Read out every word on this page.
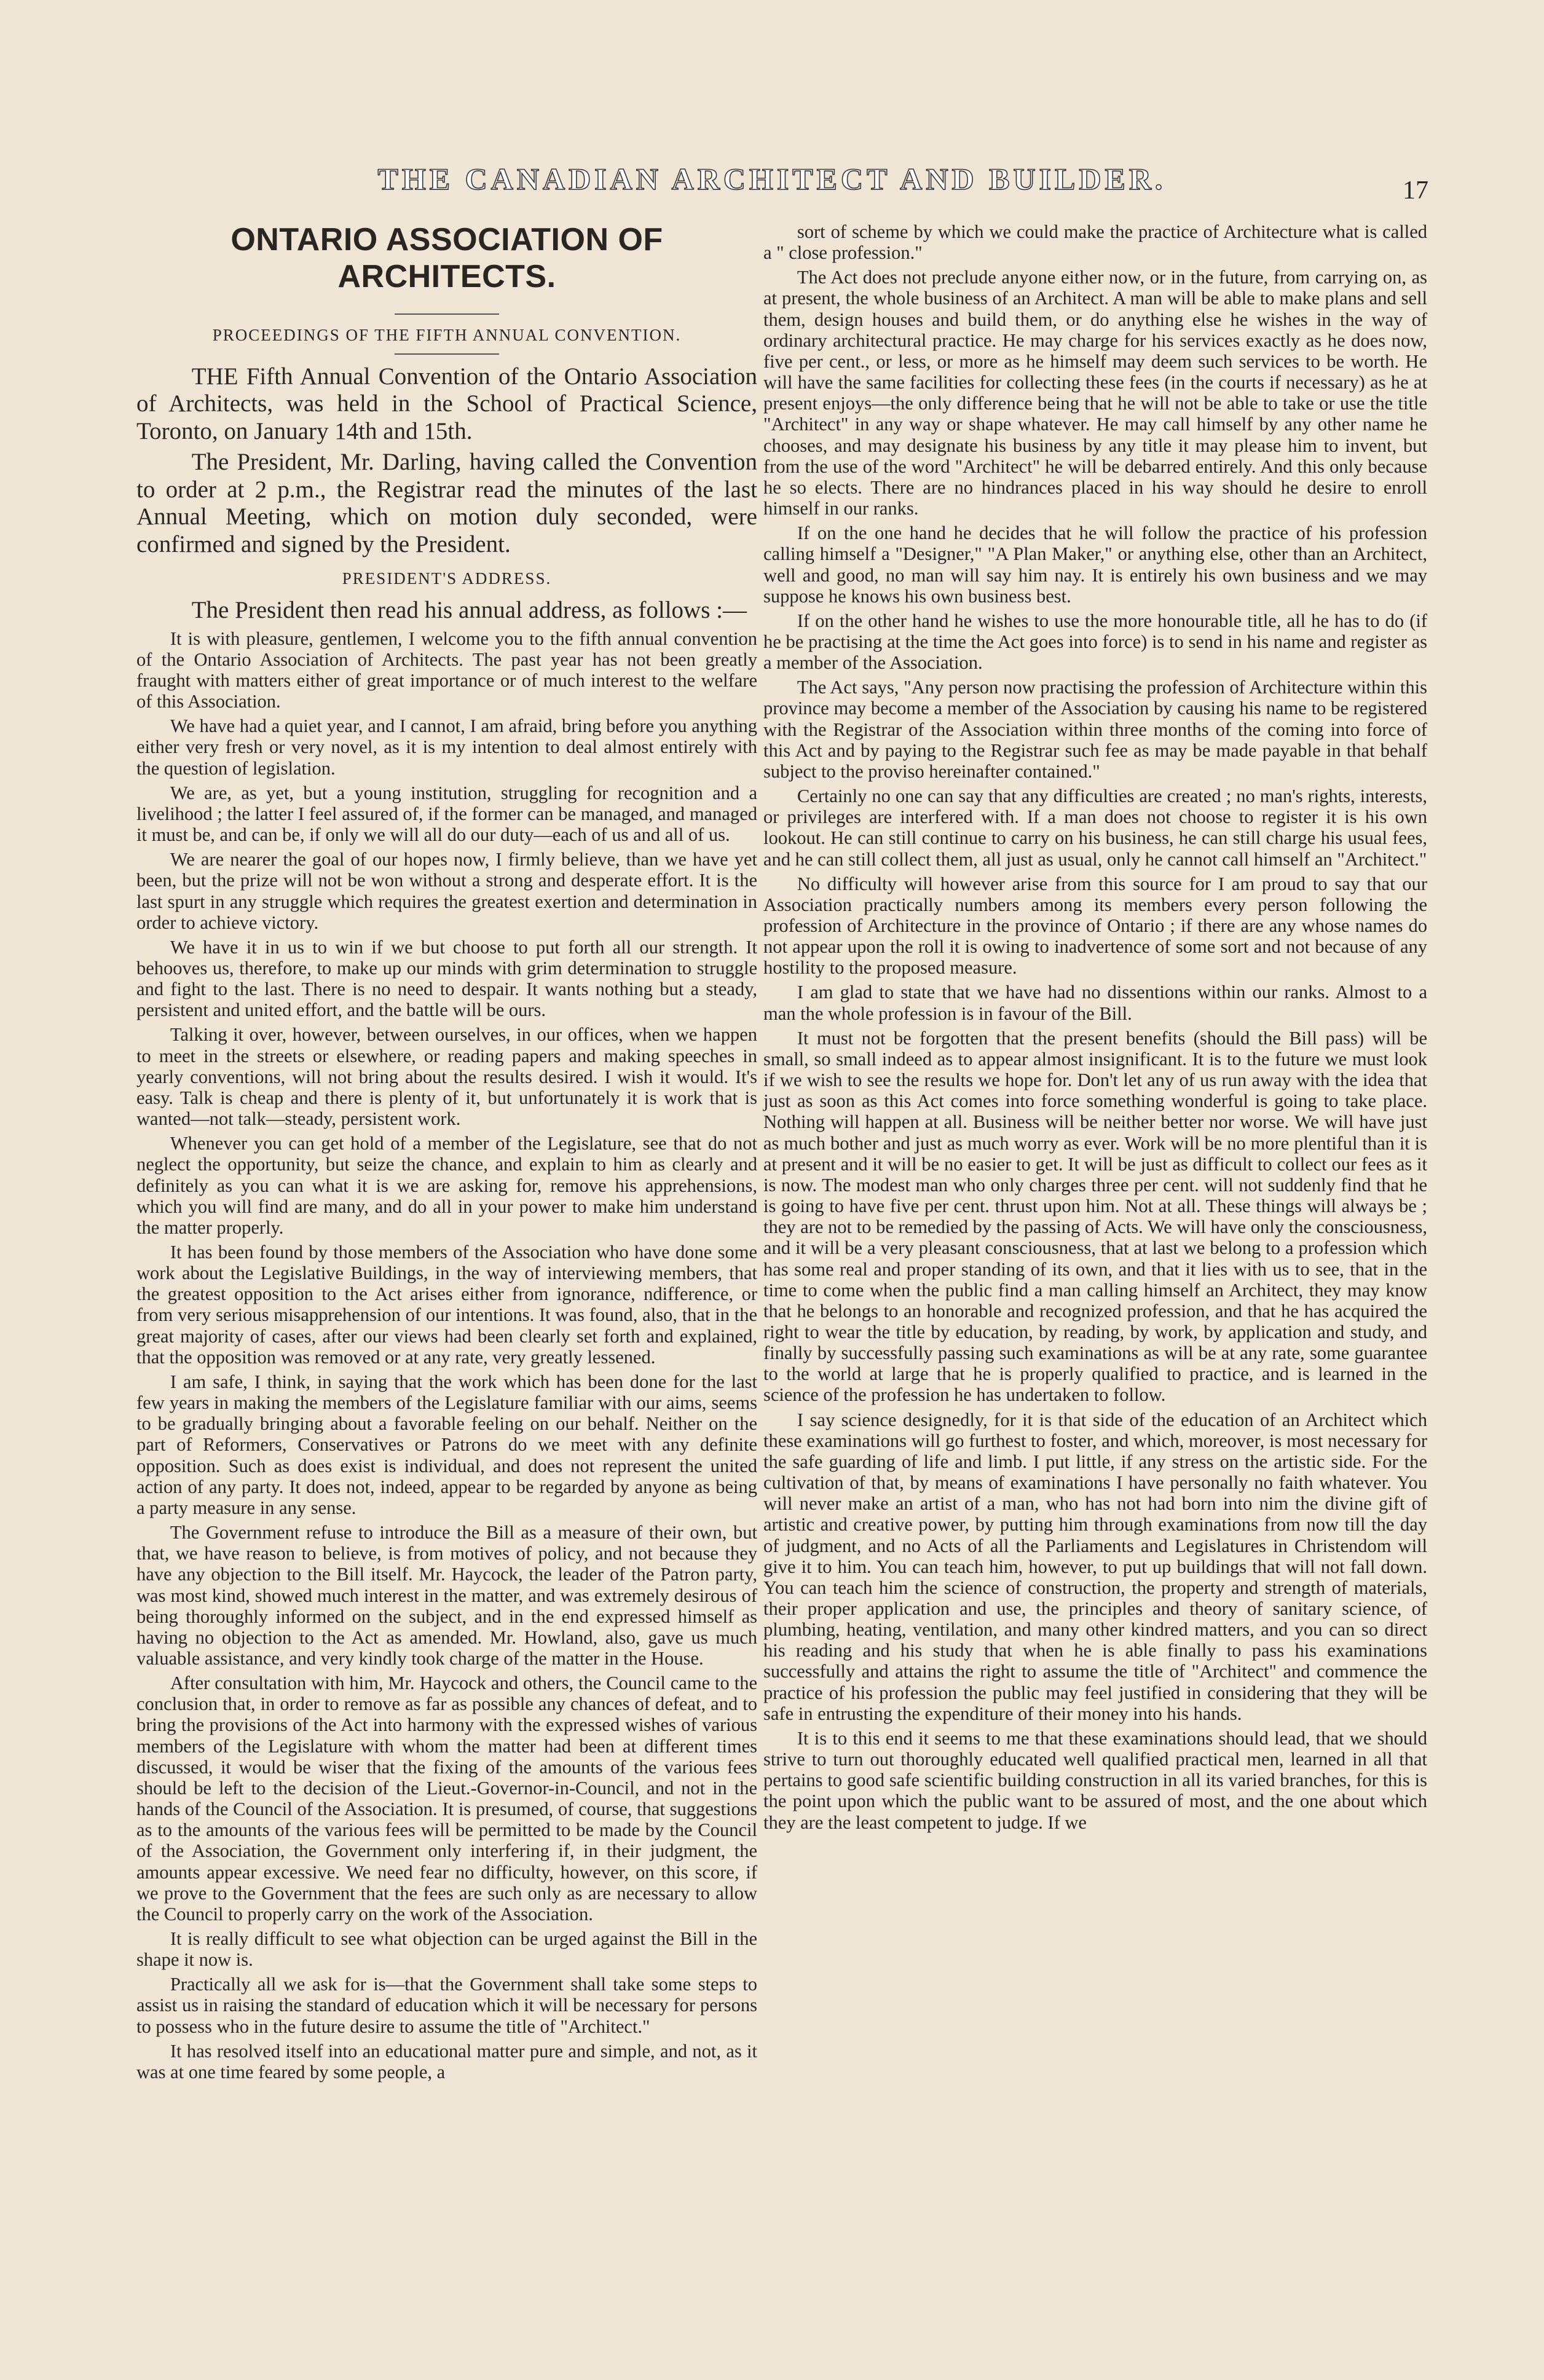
THE CANADIAN ARCHITECT AND BUILDER.	17
ONTARIO ASSOCIATION OF ARCHITECTS.
PROCEEDINGS OF THE FIFTH ANNUAL CONVENTION.

THE Fifth Annual Convention of the Ontario Association of Architects, was held in the School of Practical Science, Toronto, on January 14th and 15th.

The President, Mr. Darling, having called the Convention to order at 2 p.m., the Registrar read the minutes of the last Annual Meeting, which on motion duly seconded, were confirmed and signed by the President.

PRESIDENT'S ADDRESS.

The President then read his annual address, as follows :—

It is with pleasure, gentlemen, I welcome you to the fifth annual convention of the Ontario Association of Architects. The past year has not been greatly fraught with matters either of great importance or of much interest to the welfare of this Association.

We have had a quiet year, and I cannot, I am afraid, bring before you anything either very fresh or very novel, as it is my intention to deal almost entirely with the question of legislation.

We are, as yet, but a young institution, struggling for recognition and a livelihood ; the latter I feel assured of, if the former can be managed, and managed it must be, and can be, if only we will all do our duty—each of us and all of us.

We are nearer the goal of our hopes now, I firmly believe, than we have yet been, but the prize will not be won without a strong and desperate effort. It is the last spurt in any struggle which requires the greatest exertion and determination in order to achieve victory.

We have it in us to win if we but choose to put forth all our strength. It behooves us, therefore, to make up our minds with grim determination to struggle and fight to the last. There is no need to despair. It wants nothing but a steady, persistent and united effort, and the battle will be ours.

Talking it over, however, between ourselves, in our offices, when we happen to meet in the streets or elsewhere, or reading papers and making speeches in yearly conventions, will not bring about the results desired. I wish it would. It's easy. Talk is cheap and there is plenty of it, but unfortunately it is work that is wanted—not talk—steady, persistent work.

Whenever you can get hold of a member of the Legislature, see that do not neglect the opportunity, but seize the chance, and explain to him as clearly and definitely as you can what it is we are asking for, remove his apprehensions, which you will find are many, and do all in your power to make him understand the matter properly.

It has been found by those members of the Association who have done some work about the Legislative Buildings, in the way of interviewing members, that the greatest opposition to the Act arises either from ignorance, ndifference, or from very serious misapprehension of our intentions. It was found, also, that in the great majority of cases, after our views had been clearly set forth and explained, that the opposition was removed or at any rate, very greatly lessened.

I am safe, I think, in saying that the work which has been done for the last few years in making the members of the Legislature familiar with our aims, seems to be gradually bringing about a favorable feeling on our behalf. Neither on the part of Reformers, Conservatives or Patrons do we meet with any definite opposition. Such as does exist is individual, and does not represent the united action of any party. It does not, indeed, appear to be regarded by anyone as being a party measure in any sense.

The Government refuse to introduce the Bill as a measure of their own, but that, we have reason to believe, is from motives of policy, and not because they have any objection to the Bill itself. Mr. Haycock, the leader of the Patron party, was most kind, showed much interest in the matter, and was extremely desirous of being thoroughly informed on the subject, and in the end expressed himself as having no objection to the Act as amended. Mr. Howland, also, gave us much valuable assistance, and very kindly took charge of the matter in the House.

After consultation with him, Mr. Haycock and others, the Council came to the conclusion that, in order to remove as far as possible any chances of defeat, and to bring the provisions of the Act into harmony with the expressed wishes of various members of the Legislature with whom the matter had been at different times discussed, it would be wiser that the fixing of the amounts of the various fees should be left to the decision of the Lieut.-Governor-in-Council, and not in the hands of the Council of the Association. It is presumed, of course, that suggestions as to the amounts of the various fees will be permitted to be made by the Council of the Association, the Government only interfering if, in their judgment, the amounts appear excessive. We need fear no difficulty, however, on this score, if we prove to the Government that the fees are such only as are necessary to allow the Council to properly carry on the work of the Association.

It is really difficult to see what objection can be urged against the Bill in the shape it now is.

Practically all we ask for is—that the Government shall take some steps to assist us in raising the standard of education which it will be necessary for persons to possess who in the future desire to assume the title of "Architect."

It has resolved itself into an educational matter pure and simple, and not, as it was at one time feared by some people, a

sort of scheme by which we could make the practice of Architecture what is called a " close profession."

The Act does not preclude anyone either now, or in the future, from carrying on, as at present, the whole business of an Architect. A man will be able to make plans and sell them, design houses and build them, or do anything else he wishes in the way of ordinary architectural practice. He may charge for his services exactly as he does now, five per cent., or less, or more as he himself may deem such services to be worth. He will have the same facilities for collecting these fees (in the courts if necessary) as he at present enjoys—the only difference being that he will not be able to take or use the title "Architect" in any way or shape whatever. He may call himself by any other name he chooses, and may designate his business by any title it may please him to invent, but from the use of the word "Architect" he will be debarred entirely. And this only because he so elects. There are no hindrances placed in his way should he desire to enroll himself in our ranks.

If on the one hand he decides that he will follow the practice of his profession calling himself a "Designer," "A Plan Maker," or anything else, other than an Architect, well and good, no man will say him nay. It is entirely his own business and we may suppose he knows his own business best.

If on the other hand he wishes to use the more honourable title, all he has to do (if he be practising at the time the Act goes into force) is to send in his name and register as a member of the Association.

The Act says, "Any person now practising the profession of Architecture within this province may become a member of the Association by causing his name to be registered with the Registrar of the Association within three months of the coming into force of this Act and by paying to the Registrar such fee as may be made payable in that behalf subject to the proviso hereinafter contained."

Certainly no one can say that any difficulties are created ; no man's rights, interests, or privileges are interfered with. If a man does not choose to register it is his own lookout. He can still continue to carry on his business, he can still charge his usual fees, and he can still collect them, all just as usual, only he cannot call himself an "Architect."

No difficulty will however arise from this source for I am proud to say that our Association practically numbers among its members every person following the profession of Architecture in the province of Ontario ; if there are any whose names do not appear upon the roll it is owing to inadvertence of some sort and not because of any hostility to the proposed measure.

I am glad to state that we have had no dissentions within our ranks. Almost to a man the whole profession is in favour of the Bill.

It must not be forgotten that the present benefits (should the Bill pass) will be small, so small indeed as to appear almost insignificant. It is to the future we must look if we wish to see the results we hope for. Don't let any of us run away with the idea that just as soon as this Act comes into force something wonderful is going to take place. Nothing will happen at all. Business will be neither better nor worse. We will have just as much bother and just as much worry as ever. Work will be no more plentiful than it is at present and it will be no easier to get. It will be just as difficult to collect our fees as it is now. The modest man who only charges three per cent. will not suddenly find that he is going to have five per cent. thrust upon him. Not at all. These things will always be ; they are not to be remedied by the passing of Acts. We will have only the consciousness, and it will be a very pleasant consciousness, that at last we belong to a profession which has some real and proper standing of its own, and that it lies with us to see, that in the time to come when the public find a man calling himself an Architect, they may know that he belongs to an honorable and recognized profession, and that he has acquired the right to wear the title by education, by reading, by work, by application and study, and finally by successfully passing such examinations as will be at any rate, some guarantee to the world at large that he is properly qualified to practice, and is learned in the science of the profession he has undertaken to follow.

I say science designedly, for it is that side of the education of an Architect which these examinations will go furthest to foster, and which, moreover, is most necessary for the safe guarding of life and limb. I put little, if any stress on the artistic side. For the cultivation of that, by means of examinations I have personally no faith whatever. You will never make an artist of a man, who has not had born into nim the divine gift of artistic and creative power, by putting him through examinations from now till the day of judgment, and no Acts of all the Parliaments and Legislatures in Christendom will give it to him. You can teach him, however, to put up buildings that will not fall down. You can teach him the science of construction, the property and strength of materials, their proper application and use, the principles and theory of sanitary science, of plumbing, heating, ventilation, and many other kindred matters, and you can so direct his reading and his study that when he is able finally to pass his examinations successfully and attains the right to assume the title of "Architect" and commence the practice of his profession the public may feel justified in considering that they will be safe in entrusting the expenditure of their money into his hands.

It is to this end it seems to me that these examinations should lead, that we should strive to turn out thoroughly educated well qualified practical men, learned in all that pertains to good safe scientific building construction in all its varied branches, for this is the point upon which the public want to be assured of most, and the one about which they are the least competent to judge. If we
